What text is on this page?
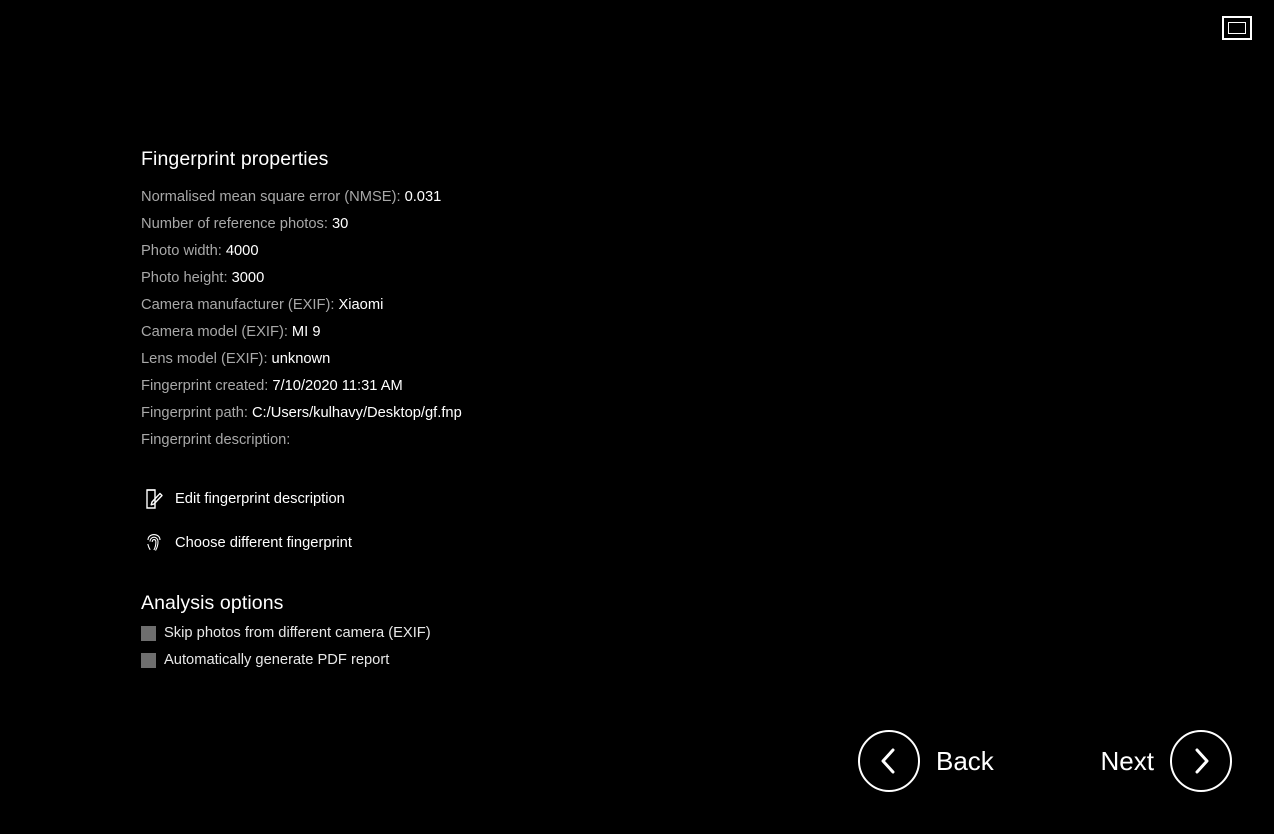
Fingerprint properties
Normalised mean square error (NMSE): 0.031
Number of reference photos: 30
Photo width: 4000
Photo height: 3000
Camera manufacturer (EXIF): Xiaomi
Camera model (EXIF): MI 9
Lens model (EXIF): unknown
Fingerprint created: 7/10/2020 11:31 AM
Fingerprint path: C:/Users/kulhavy/Desktop/gf.fnp
Fingerprint description:
Edit fingerprint description
Choose different fingerprint
Analysis options
Skip photos from different camera (EXIF)
Automatically generate PDF report
Back	Next
